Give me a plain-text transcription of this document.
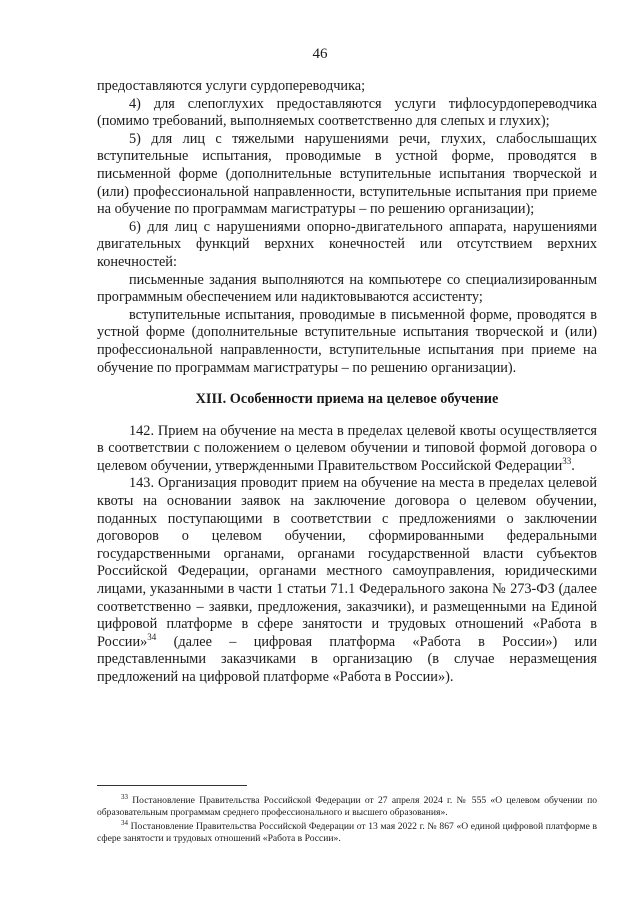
46

предоставляются услуги сурдопереводчика;

4) для слепоглухих предоставляются услуги тифлосурдопереводчика (помимо требований, выполняемых соответственно для слепых и глухих);

5) для лиц с тяжелыми нарушениями речи, глухих, слабослышащих вступительные испытания, проводимые в устной форме, проводятся в письменной форме (дополнительные вступительные испытания творческой и (или) профессиональной направленности, вступительные испытания при приеме на обучение по программам магистратуры – по решению организации);

6) для лиц с нарушениями опорно-двигательного аппарата, нарушениями двигательных функций верхних конечностей или отсутствием верхних конечностей:

письменные задания выполняются на компьютере со специализированным программным обеспечением или надиктовываются ассистенту;

вступительные испытания, проводимые в письменной форме, проводятся в устной форме (дополнительные вступительные испытания творческой и (или) профессиональной направленности, вступительные испытания при приеме на обучение по программам магистратуры – по решению организации).

XIII. Особенности приема на целевое обучение

142. Прием на обучение на места в пределах целевой квоты осуществляется в соответствии с положением о целевом обучении и типовой формой договора о целевом обучении, утвержденными Правительством Российской Федерации$^{33}$.

143. Организация проводит прием на обучение на места в пределах целевой квоты на основании заявок на заключение договора о целевом обучении, поданных поступающими в соответствии с предложениями о заключении договоров о целевом обучении, сформированными федеральными государственными органами, органами государственной власти субъектов Российской Федерации, органами местного самоуправления, юридическими лицами, указанными в части 1 статьи 71.1 Федерального закона № 273-ФЗ (далее соответственно – заявки, предложения, заказчики), и размещенными на Единой цифровой платформе в сфере занятости и трудовых отношений «Работа в России»$^{34}$ (далее – цифровая платформа «Работа в России») или представленными заказчиками в организацию (в случае неразмещения предложений на цифровой платформе «Работа в России»).

$^{33}$ Постановление Правительства Российской Федерации от 27 апреля 2024 г. № 555 «О целевом обучении по образовательным программам среднего профессионального и высшего образования».

$^{34}$ Постановление Правительства Российской Федерации от 13 мая 2022 г. № 867 «О единой цифровой платформе в сфере занятости и трудовых отношений «Работа в России».
